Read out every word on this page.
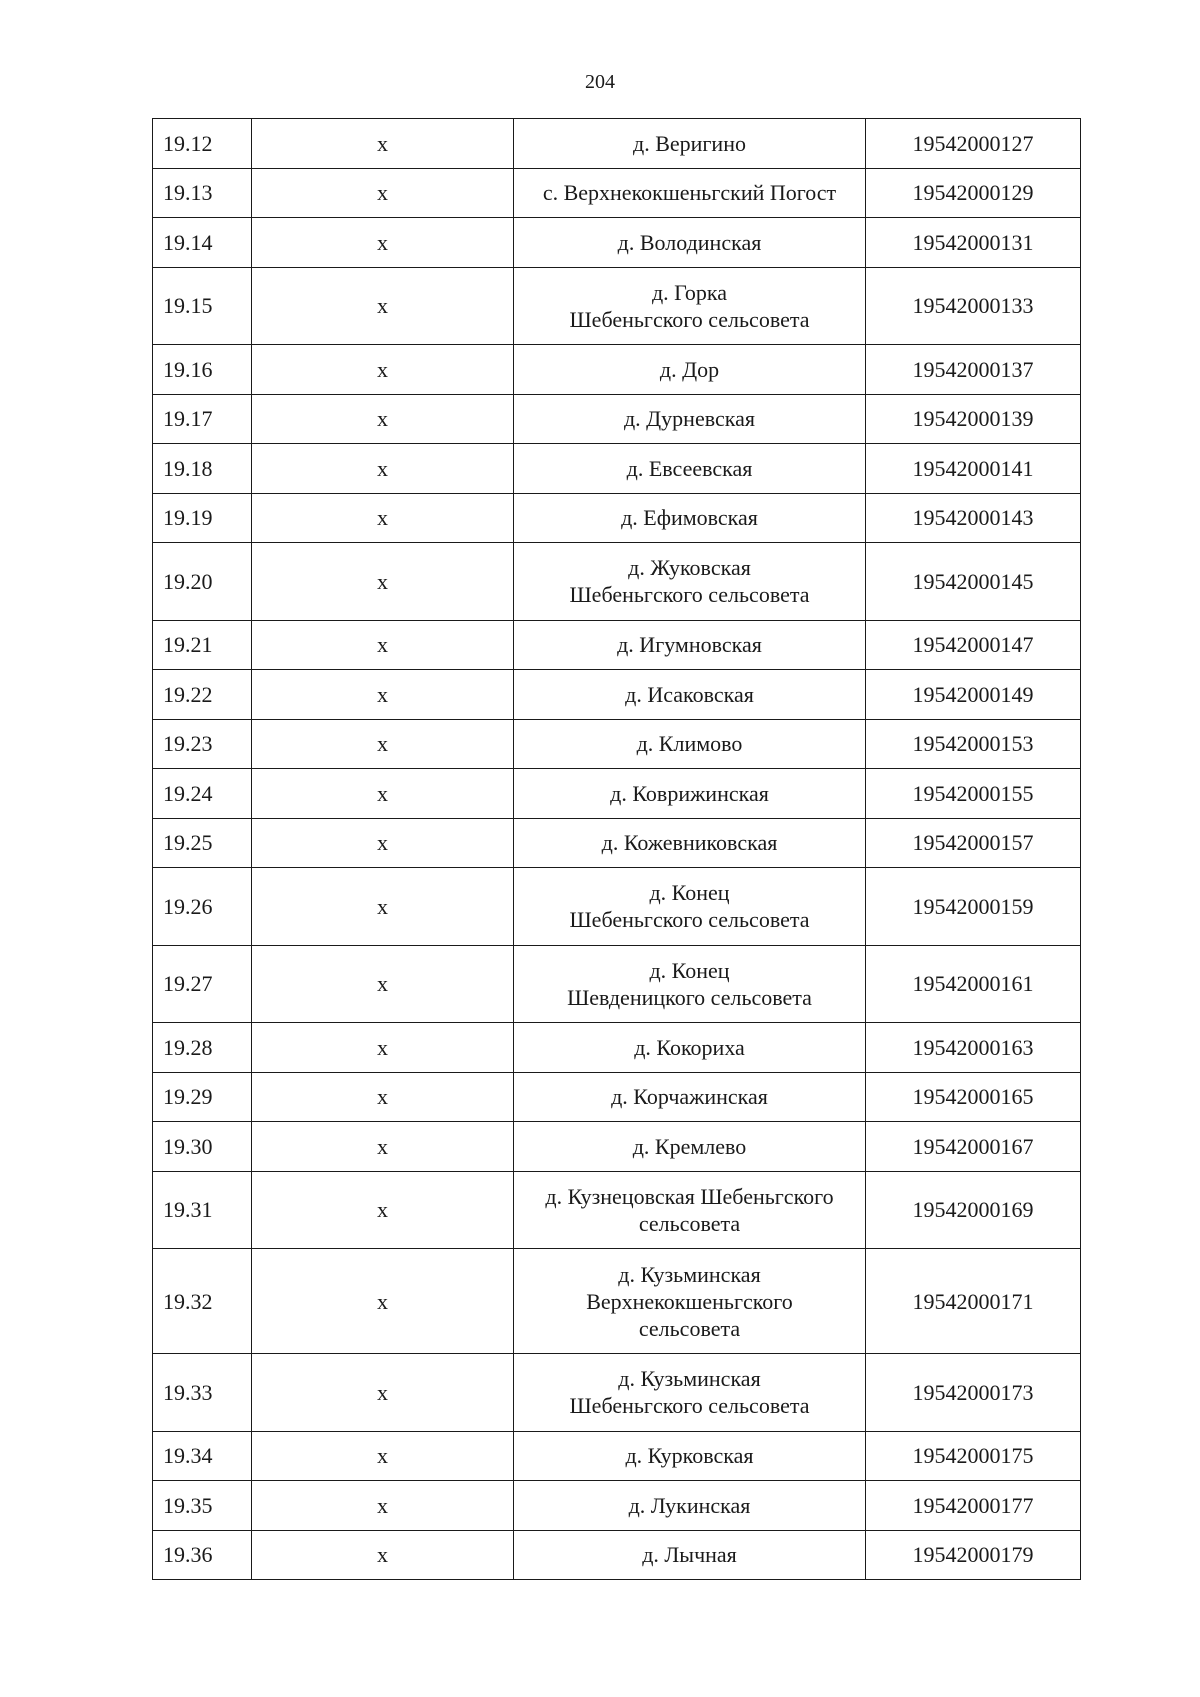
204
19.12	х	д. Веригино	19542000127
19.13	х	с. Верхнекокшеньгский Погост	19542000129
19.14	х	д. Володинская	19542000131
19.15	х	д. Горка
Шебеньгского сельсовета	19542000133
19.16	х	д. Дор	19542000137
19.17	х	д. Дурневская	19542000139
19.18	х	д. Евсеевская	19542000141
19.19	х	д. Ефимовская	19542000143
19.20	х	д. Жуковская
Шебеньгского сельсовета	19542000145
19.21	х	д. Игумновская	19542000147
19.22	х	д. Исаковская	19542000149
19.23	х	д. Климово	19542000153
19.24	х	д. Коврижинская	19542000155
19.25	х	д. Кожевниковская	19542000157
19.26	х	д. Конец
Шебеньгского сельсовета	19542000159
19.27	х	д. Конец
Шевденицкого сельсовета	19542000161
19.28	х	д. Кокориха	19542000163
19.29	х	д. Корчажинская	19542000165
19.30	х	д. Кремлево	19542000167
19.31	х	д. Кузнецовская Шебеньгского
сельсовета	19542000169
19.32	х	д. Кузьминская
Верхнекокшеньгского
сельсовета	19542000171
19.33	х	д. Кузьминская
Шебеньгского сельсовета	19542000173
19.34	х	д. Курковская	19542000175
19.35	х	д. Лукинская	19542000177
19.36	х	д. Лычная	19542000179
